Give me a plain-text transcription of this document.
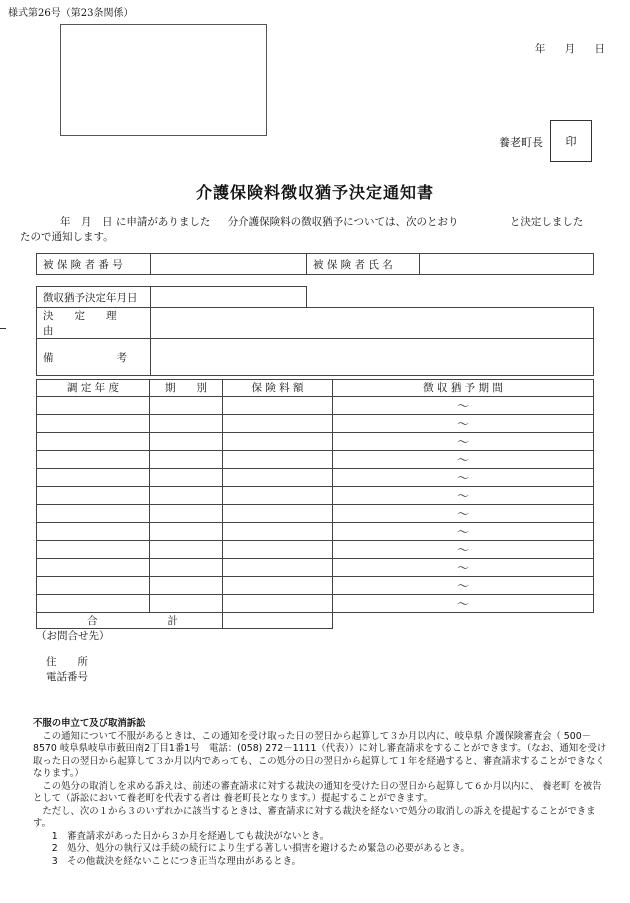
様式第26号（第23条関係）
年 月 日
養老町長 印
介護保険料徴収猶予決定通知書
年　月　日 に申請がありました 分介護保険料の徴収猶予については、次のとおり	と決定しました
たので通知します。
被 保 険 者 番 号		被 保 険 者 氏 名	
徴収猶予決定年月日		
決　　定　　理　　由		
備　　　　　　考		
調 定 年 度	期　　別	保 険 料 額	徴 収 猶 予 期 間
			～
			～
			～
			～
			～
			～
			～
			～
			～
			～
			～
			～
合 計			
（お問合せ先）
住　　所
電話番号

不服の申立て及び取消訴訟

この通知について不服があるときは、この通知を受け取った日の翌日から起算して３か月以内に、岐阜県 介護保険審査会（ 500－8570 岐阜県岐阜市薮田南2丁目1番1号　電話：(058) 272－1111（代表））に対し審査請求をすることができます。（なお、通知を受け取った日の翌日から起算して３か月以内であっても、この処分の日の翌日から起算して１年を経過すると、審査請求することができなくなります。）

この処分の取消しを求める訴えは、前述の審査請求に対する裁決の通知を受けた日の翌日から起算して６か月以内に、 養老町 を被告として（訴訟において養老町を代表する者は 養老町長となります。）提起することができます。

ただし、次の１から３のいずれかに該当するときは、審査請求に対する裁決を経ないで処分の取消しの訴えを提起することができます。

1　審査請求があった日から３か月を経過しても裁決がないとき。

2　処分、処分の執行又は手続の続行により生ずる著しい損害を避けるため緊急の必要があるとき。

3　その他裁決を経ないことにつき正当な理由があるとき。
